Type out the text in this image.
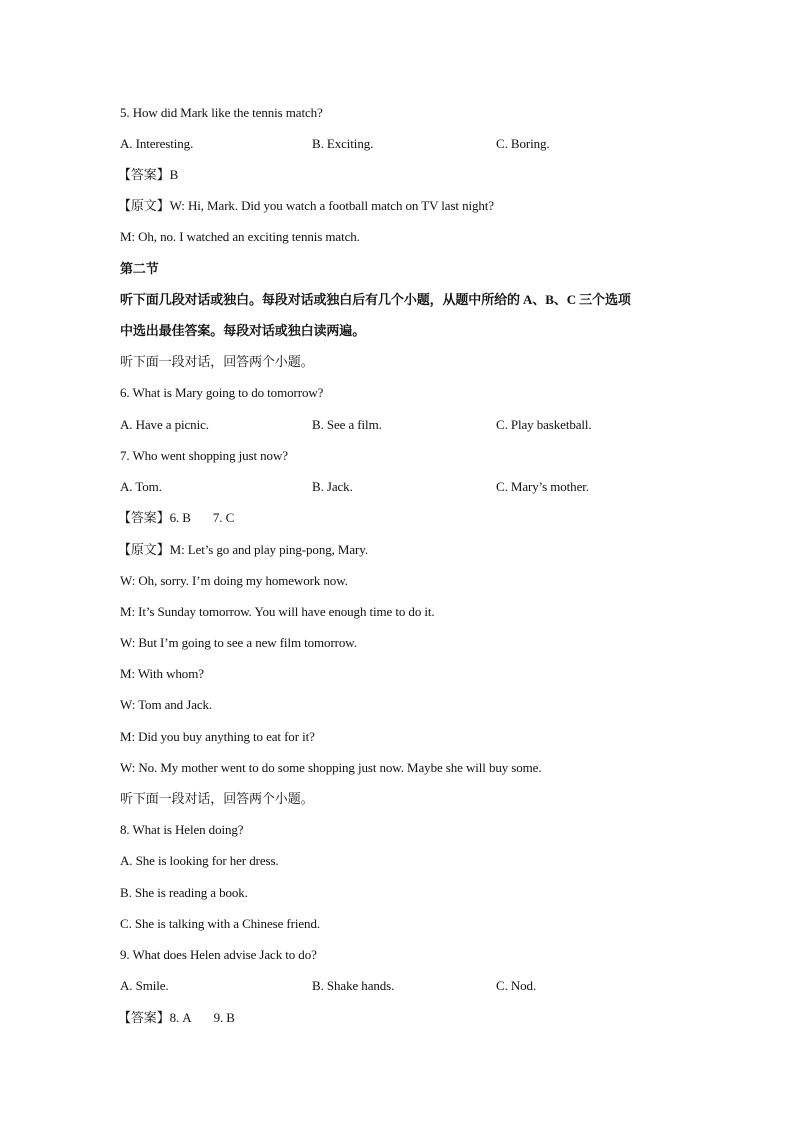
5. How did Mark like the tennis match?
A. Interesting.	B. Exciting.	C. Boring.
【答案】B
【原文】W: Hi, Mark. Did you watch a football match on TV last night?
M: Oh, no. I watched an exciting tennis match.
第二节
听下面几段对话或独白。每段对话或独白后有几个小题，从题中所给的 A、B、C 三个选项
中选出最佳答案。每段对话或独白读两遍。
听下面一段对话，回答两个小题。
6. What is Mary going to do tomorrow?
A. Have a picnic.	B. See a film.	C. Play basketball.
7. Who went shopping just now?
A. Tom.	B. Jack.	C. Mary’s mother.
【答案】6. B 7. C
【原文】M: Let’s go and play ping-pong, Mary.
W: Oh, sorry. I’m doing my homework now.
M: It’s Sunday tomorrow. You will have enough time to do it.
W: But I’m going to see a new film tomorrow.
M: With whom?
W: Tom and Jack.
M: Did you buy anything to eat for it?
W: No. My mother went to do some shopping just now. Maybe she will buy some.
听下面一段对话，回答两个小题。
8. What is Helen doing?
A. She is looking for her dress.
B. She is reading a book.
C. She is talking with a Chinese friend.
9. What does Helen advise Jack to do?
A. Smile.	B. Shake hands.	C. Nod.
【答案】8. A 9. B
